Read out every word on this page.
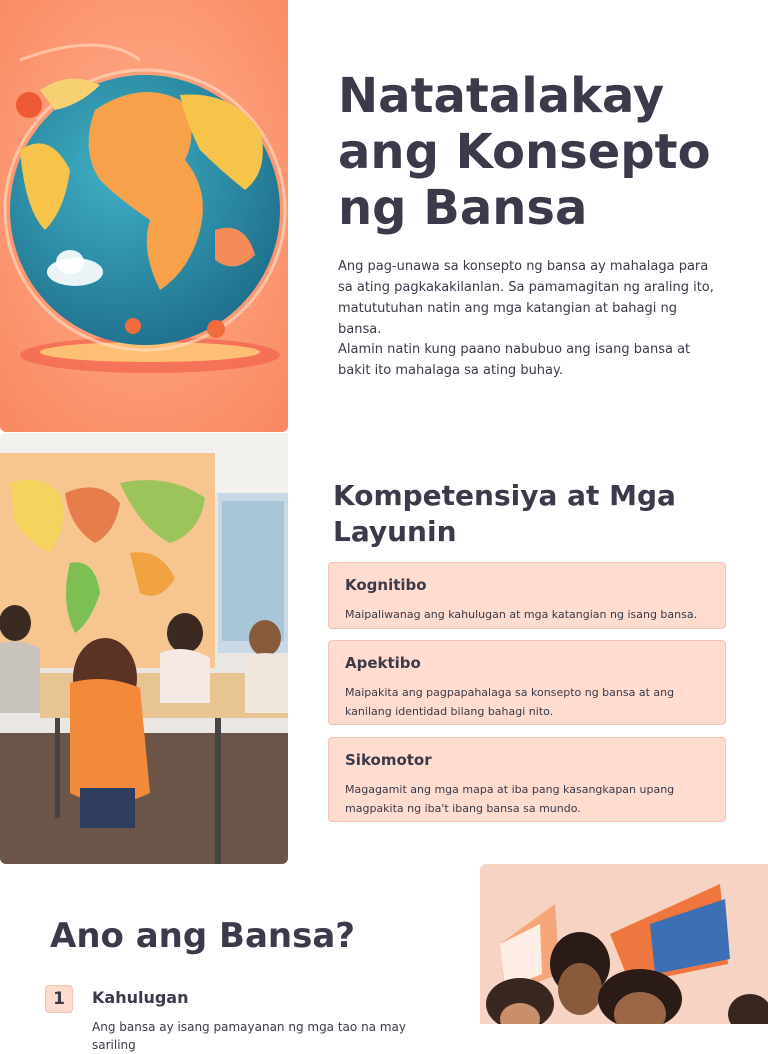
Natatalakay ang Konsepto ng Bansa

Ang pag-unawa sa konsepto ng bansa ay mahalaga para sa ating pagkakakilanlan. Sa pamamagitan ng araling ito, matututuhan natin ang mga katangian at bahagi ng bansa.

Alamin natin kung paano nabubuo ang isang bansa at bakit ito mahalaga sa ating buhay.

Kompetensiya at Mga Layunin
Kognitibo

Maipaliwanag ang kahulugan at mga katangian ng isang bansa.

Apektibo

Maipakita ang pagpapahalaga sa konsepto ng bansa at ang kanilang identidad bilang bahagi nito.

Sikomotor

Magagamit ang mga mapa at iba pang kasangkapan upang magpakita ng iba't ibang bansa sa mundo.

Ano ang Bansa?
1	Kahulugan

Ang bansa ay isang pamayanan ng mga tao na may sariling
